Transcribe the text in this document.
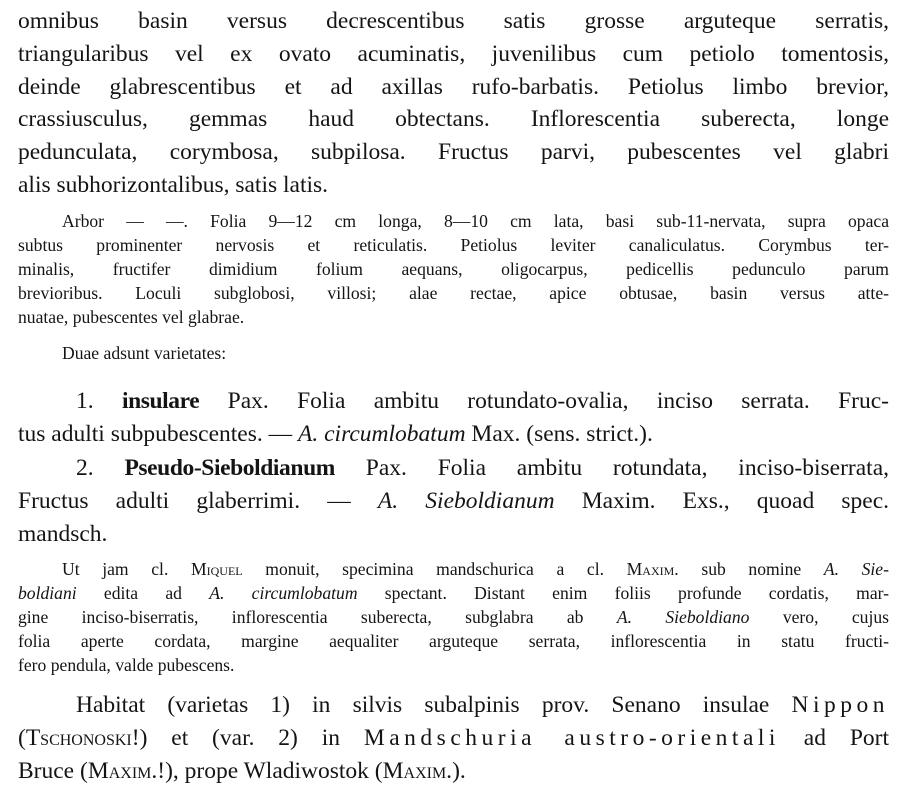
omnibus basin versus decrescentibus satis grosse arguteque serratis,
triangularibus vel ex ovato acuminatis, juvenilibus cum petiolo tomentosis,
deinde glabrescentibus et ad axillas rufo-barbatis. Petiolus limbo brevior,
crassiusculus, gemmas haud obtectans. Inflorescentia suberecta, longe
pedunculata, corymbosa, subpilosa. Fructus parvi, pubescentes vel glabri
alis subhorizontalibus, satis latis.
Arbor — —. Folia 9—12 cm longa, 8—10 cm lata, basi sub-11-nervata, supra opaca
subtus prominenter nervosis et reticulatis. Petiolus leviter canaliculatus. Corymbus ter-
minalis, fructifer dimidium folium aequans, oligocarpus, pedicellis pedunculo parum
brevioribus. Loculi subglobosi, villosi; alae rectae, apice obtusae, basin versus atte-
nuatae, pubescentes vel glabrae.
Duae adsunt varietates:
1. insulare Pax. Folia ambitu rotundato-ovalia, inciso serrata. Fruc-
tus adulti subpubescentes. — A. circumlobatum Max. (sens. strict.).
2. Pseudo-Sieboldianum Pax. Folia ambitu rotundata, inciso-biserrata,
Fructus adulti glaberrimi. — A. Sieboldianum Maxim. Exs., quoad spec.
mandsch.
Ut jam cl. Miquel monuit, specimina mandschurica a cl. Maxim. sub nomine A. Sie-
boldiani edita ad A. circumlobatum spectant. Distant enim foliis profunde cordatis, mar-
gine inciso-biserratis, inflorescentia suberecta, subglabra ab A. Sieboldiano vero, cujus
folia aperte cordata, margine aequaliter arguteque serrata, inflorescentia in statu fructi-
fero pendula, valde pubescens.
Habitat (varietas 1) in silvis subalpinis prov. Senano insulae Nippon
(Tschonoski!) et (var. 2) in Mandschuria austro-orientali ad Port
Bruce (Maxim.!), prope Wladiwostok (Maxim.).
